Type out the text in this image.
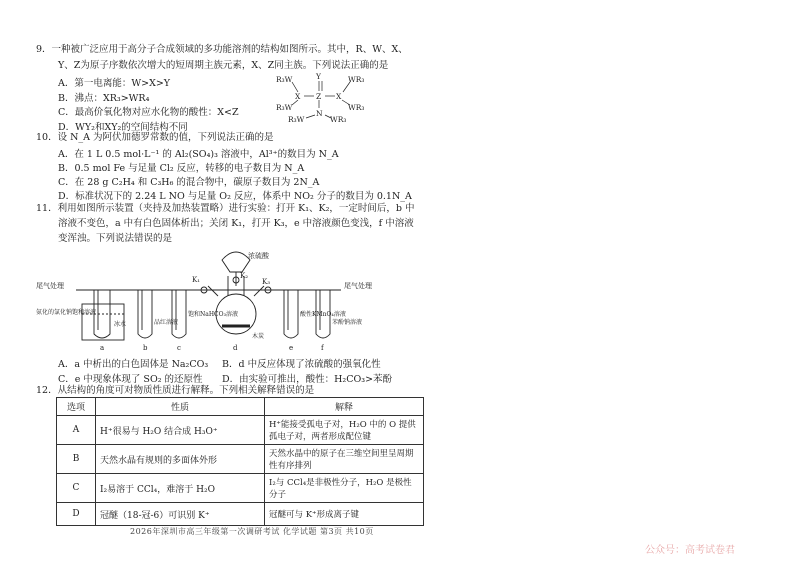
9．一种被广泛应用于高分子合成领域的多功能溶剂的结构如图所示。其中，R、W、X、
Y、Z为原子序数依次增大的短周期主族元素，X、Z同主族。下列说法正确的是
A．第一电离能：W>X>Y
B．沸点：XR₃>WR₄
C．最高价氧化物对应水化物的酸性：X<Z
D．WY₂和XY₂的空间结构不同
R₃W	Y	WR₃
X Z X
R₃W	WR₃
R₃W
N
WR₃
10．设 N_A 为阿伏加德罗常数的值，下列说法正确的是
A．在 1 L 0.5 mol·L⁻¹ 的 Al₂(SO₄)₃ 溶液中，Al³⁺的数目为 N_A
B．0.5 mol Fe 与足量 Cl₂ 反应，转移的电子数目为 N_A
C．在 28 g C₂H₄ 和 C₃H₆ 的混合物中，碳原子数目为 2N_A
D．标准状况下的 2.24 L NO 与足量 O₂ 反应，体系中 NO₂ 分子的数目为 0.1N_A
11．利用如图所示装置（夹持及加热装置略）进行实验：打开 K₁、K₂，一定时间后，b 中
溶液不变色，a 中有白色固体析出；关闭 K₁，打开 K₃，e 中溶液颜色变浅，f 中溶液
变浑浊。下列说法错误的是
浓硫酸
K₁	K₂
K₃
尾气处理	尾气处理
氨化的氯化钠饱和溶液
冰水	品红溶液
饱和NaHCO₃溶液
木炭
酸性KMnO₄溶液
苯酚钠溶液
a	b	c	d	e	f
A．a 中析出的白色固体是 Na₂CO₃ B．d 中反应体现了浓硫酸的强氧化性
C．e 中现象体现了 SO₂ 的还原性 D．由实验可推出，酸性：H₂CO₃>苯酚
12．从结构的角度可对物质性质进行解释。下列相关解释错误的是
选项	性质	解释
A	H⁺很易与 H₂O 结合成 H₃O⁺	H⁺能接受孤电子对，H₂O 中的 O 提供孤电子对，两者形成配位键
B	天然水晶有规则的多面体外形	天然水晶中的原子在三维空间里呈周期性有序排列
C	I₂易溶于 CCl₄，难溶于 H₂O	I₂与 CCl₄是非极性分子，H₂O 是极性分子
D	冠醚（18-冠-6）可识别 K⁺	冠醚可与 K⁺形成离子键
2026年深圳市高三年级第一次调研考试 化学试题 第3页 共10页
公众号：高考试卷君
